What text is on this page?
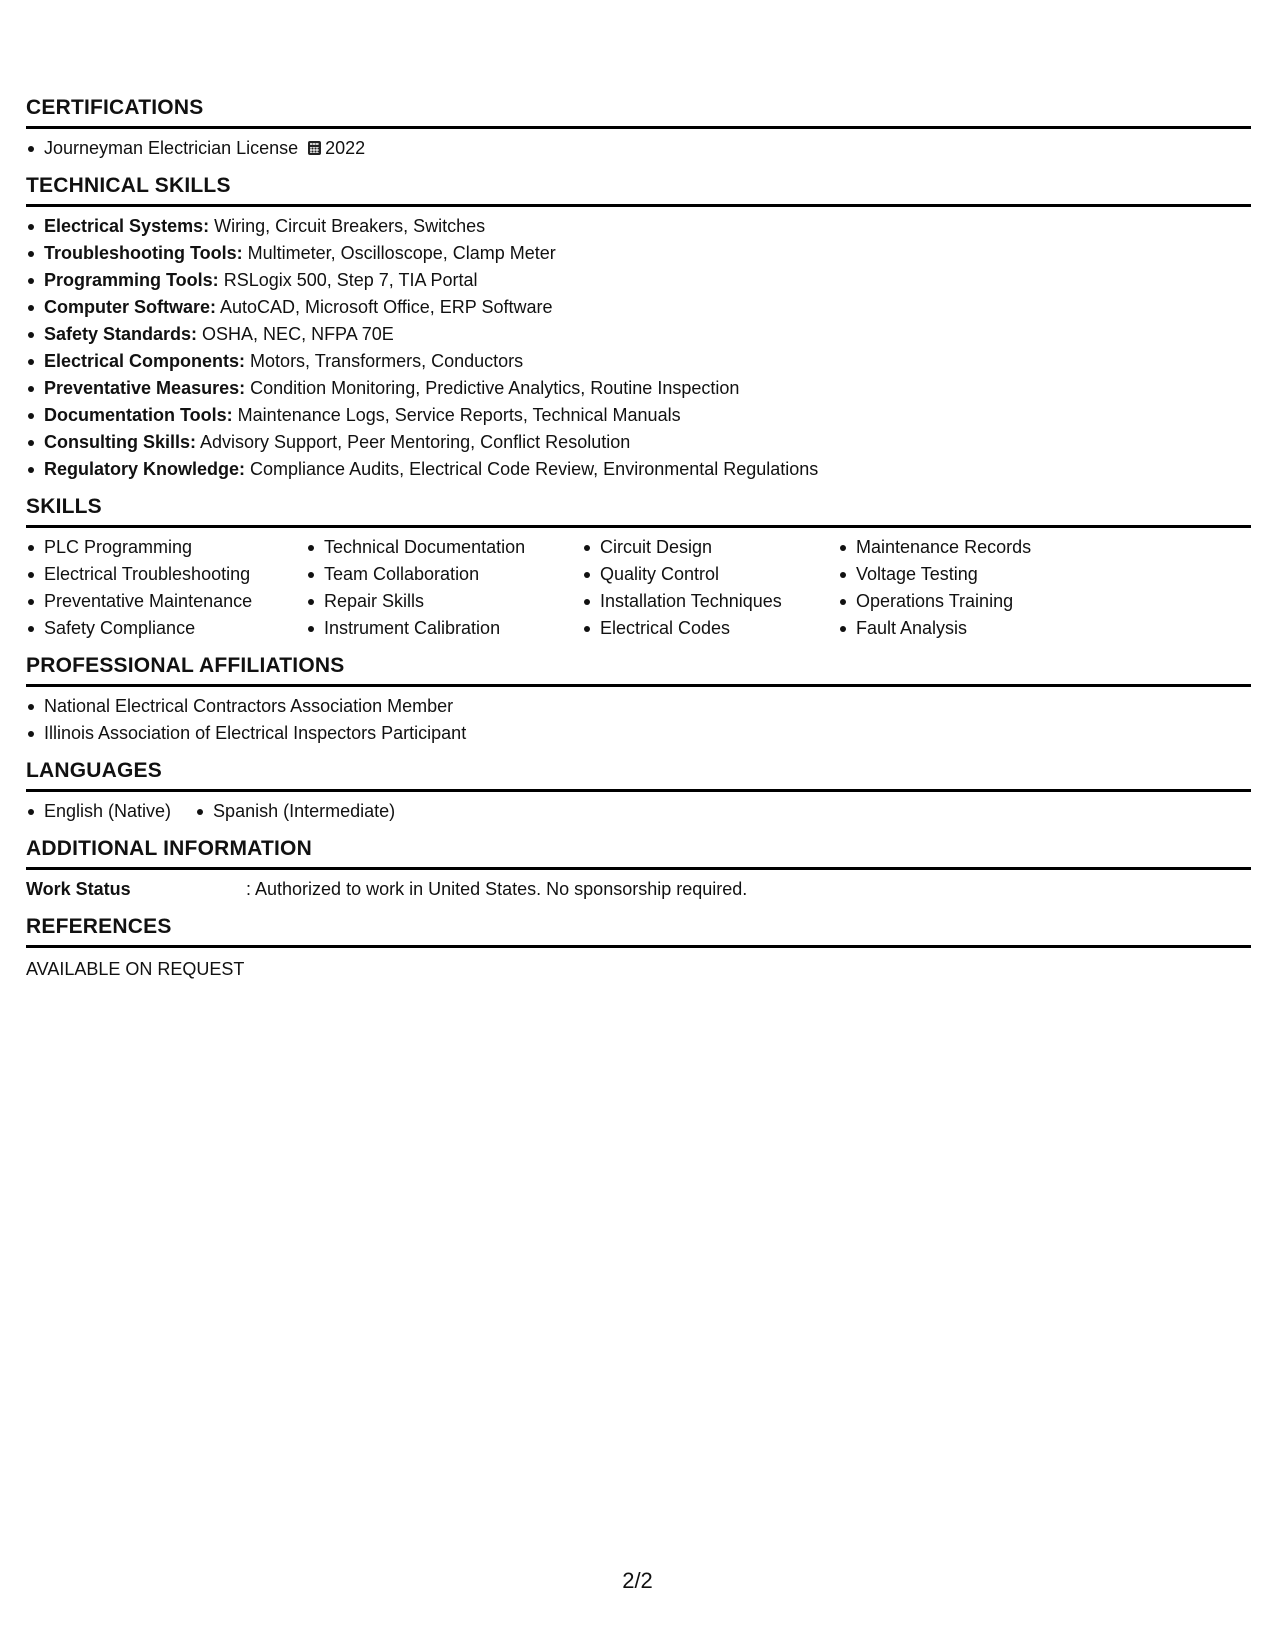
CERTIFICATIONS
Journeyman Electrician License 2022
TECHNICAL SKILLS
Electrical Systems: Wiring, Circuit Breakers, Switches
Troubleshooting Tools: Multimeter, Oscilloscope, Clamp Meter
Programming Tools: RSLogix 500, Step 7, TIA Portal
Computer Software: AutoCAD, Microsoft Office, ERP Software
Safety Standards: OSHA, NEC, NFPA 70E
Electrical Components: Motors, Transformers, Conductors
Preventative Measures: Condition Monitoring, Predictive Analytics, Routine Inspection
Documentation Tools: Maintenance Logs, Service Reports, Technical Manuals
Consulting Skills: Advisory Support, Peer Mentoring, Conflict Resolution
Regulatory Knowledge: Compliance Audits, Electrical Code Review, Environmental Regulations
SKILLS
PLC Programming
Electrical Troubleshooting
Preventative Maintenance
Safety Compliance
Technical Documentation
Team Collaboration
Repair Skills
Instrument Calibration
Circuit Design
Quality Control
Installation Techniques
Electrical Codes
Maintenance Records
Voltage Testing
Operations Training
Fault Analysis
PROFESSIONAL AFFILIATIONS
National Electrical Contractors Association Member
Illinois Association of Electrical Inspectors Participant
LANGUAGES
English (Native) Spanish (Intermediate)
ADDITIONAL INFORMATION
Work Status	: Authorized to work in United States. No sponsorship required.
REFERENCES
AVAILABLE ON REQUEST
2/2
